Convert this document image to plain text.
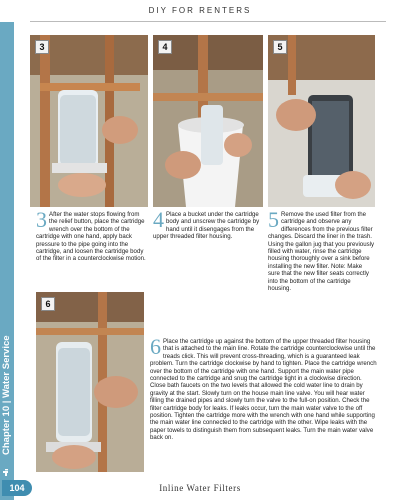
DIY FOR RENTERS
Chapter 10 | Water Service
104	Inline Water Filters
3	4	5
3 After the water stops flowing from the relief button, place the cartridge wrench over the bottom of the cartridge with one hand, apply back pressure to the pipe going into the cartridge, and loosen the cartridge body of the filter in a counterclockwise motion.
4 Place a bucket under the cartridge body and unscrew the cartridge by hand until it disengages from the upper threaded filter housing.
5 Remove the used filter from the cartridge and observe any differences from the previous filter changes. Discard the liner in the trash. Using the gallon jug that you previously filled with water, rinse the cartridge housing thoroughly over a sink before installing the new filter. Note: Make sure that the new filter seats correctly into the bottom of the cartridge housing.
6
6 Place the cartridge up against the bottom of the upper threaded filter housing that is attached to the main line. Rotate the cartridge counterclockwise until the treads click. This will prevent cross-threading, which is a guaranteed leak problem. Turn the cartridge clockwise by hand to tighten. Place the cartridge wrench over the bottom of the cartridge with one hand. Support the main water pipe connected to the cartridge and snug the cartridge tight in a clockwise direction. Close bath faucets on the two levels that allowed the cold water line to drain by gravity at the start. Slowly turn on the house main line valve. You will hear water filling the drained pipes and slowly turn the valve to the full-on position. Check the filter cartridge body for leaks. If leaks occur, turn the main water valve to the off position. Tighten the cartridge more with the wrench with one hand while supporting the main water line connected to the cartridge with the other. Wipe leaks with the paper towels to distinguish them from subsequent leaks. Turn the main water valve back on.
